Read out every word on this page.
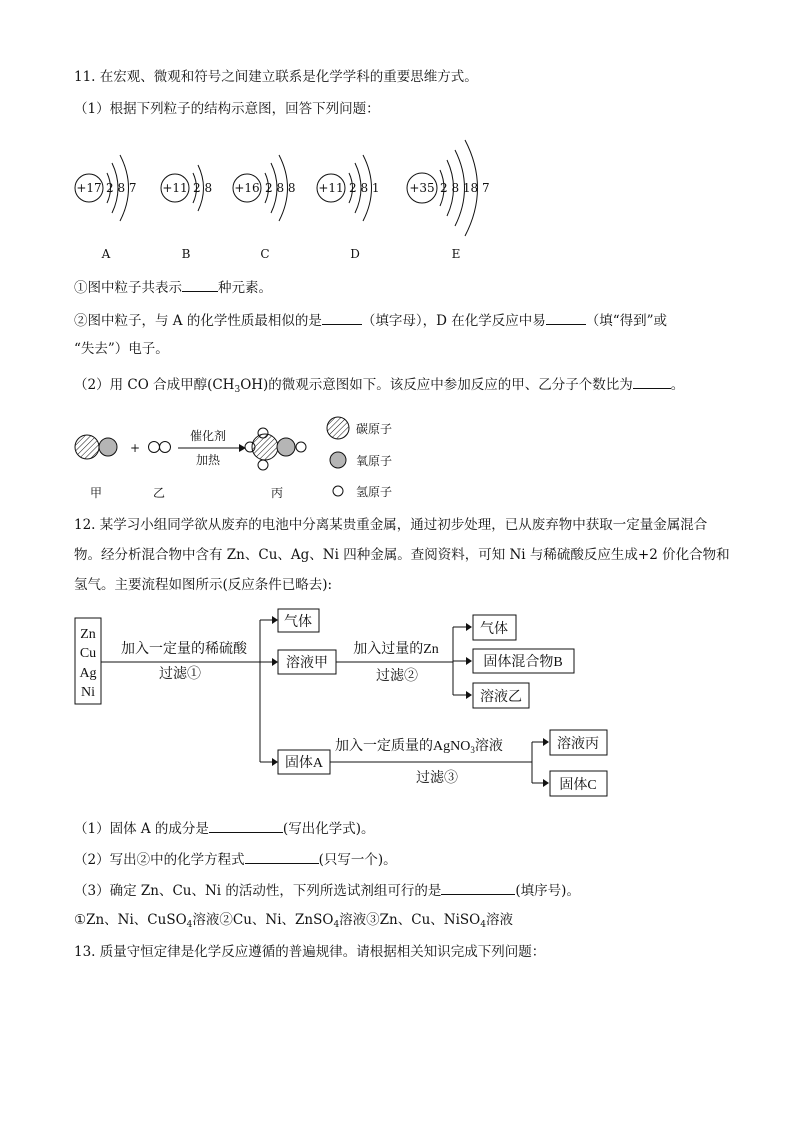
11. 在宏观、微观和符号之间建立联系是化学学科的重要思维方式。
（1）根据下列粒子的结构示意图，回答下列问题：
+17 2 8 7
A
+11 2 8
B
+16 2 8 8
C
+11 2 8 1
D
+35 2 8 18 7
E
+
催化剂
加热
碳原子
氧原子
氢原子
甲	乙	丙
Zn
Cu
Ag
Ni
加入一定量的稀硫酸
过滤①
气体
溶液甲
固体A
加入过量的Zn
过滤②
气体
固体混合物B
溶液乙
加入一定质量的AgNO$_3$溶液
过滤③
溶液丙
固体C
①图中粒子共表示	种元素。
②图中粒子，与 A 的化学性质最相似的是	（填字母），D 在化学反应中易	（填“得到”或
“失去”）电子。
（2）用 CO 合成甲醇$(CH_3OH)$的微观示意图如下。该反应中参加反应的甲、乙分子个数比为	。
12. 某学习小组同学欲从废弃的电池中分离某贵重金属，通过初步处理，已从废弃物中获取一定量金属混合
物。经分析混合物中含有 Zn、Cu、Ag、Ni 四种金属。查阅资料，可知 Ni 与稀硫酸反应生成+2 价化合物和
氢气。主要流程如图所示(反应条件已略去):
（1）固体 A 的成分是	(写出化学式)。
（2）写出②中的化学方程式	(只写一个)。
（3）确定 Zn、Cu、Ni 的活动性，下列所选试剂组可行的是	(填序号)。
①Zn、Ni、CuSO$_4$溶液②Cu、Ni、ZnSO$_4$溶液③Zn、Cu、NiSO$_4$溶液
13. 质量守恒定律是化学反应遵循的普遍规律。请根据相关知识完成下列问题：
